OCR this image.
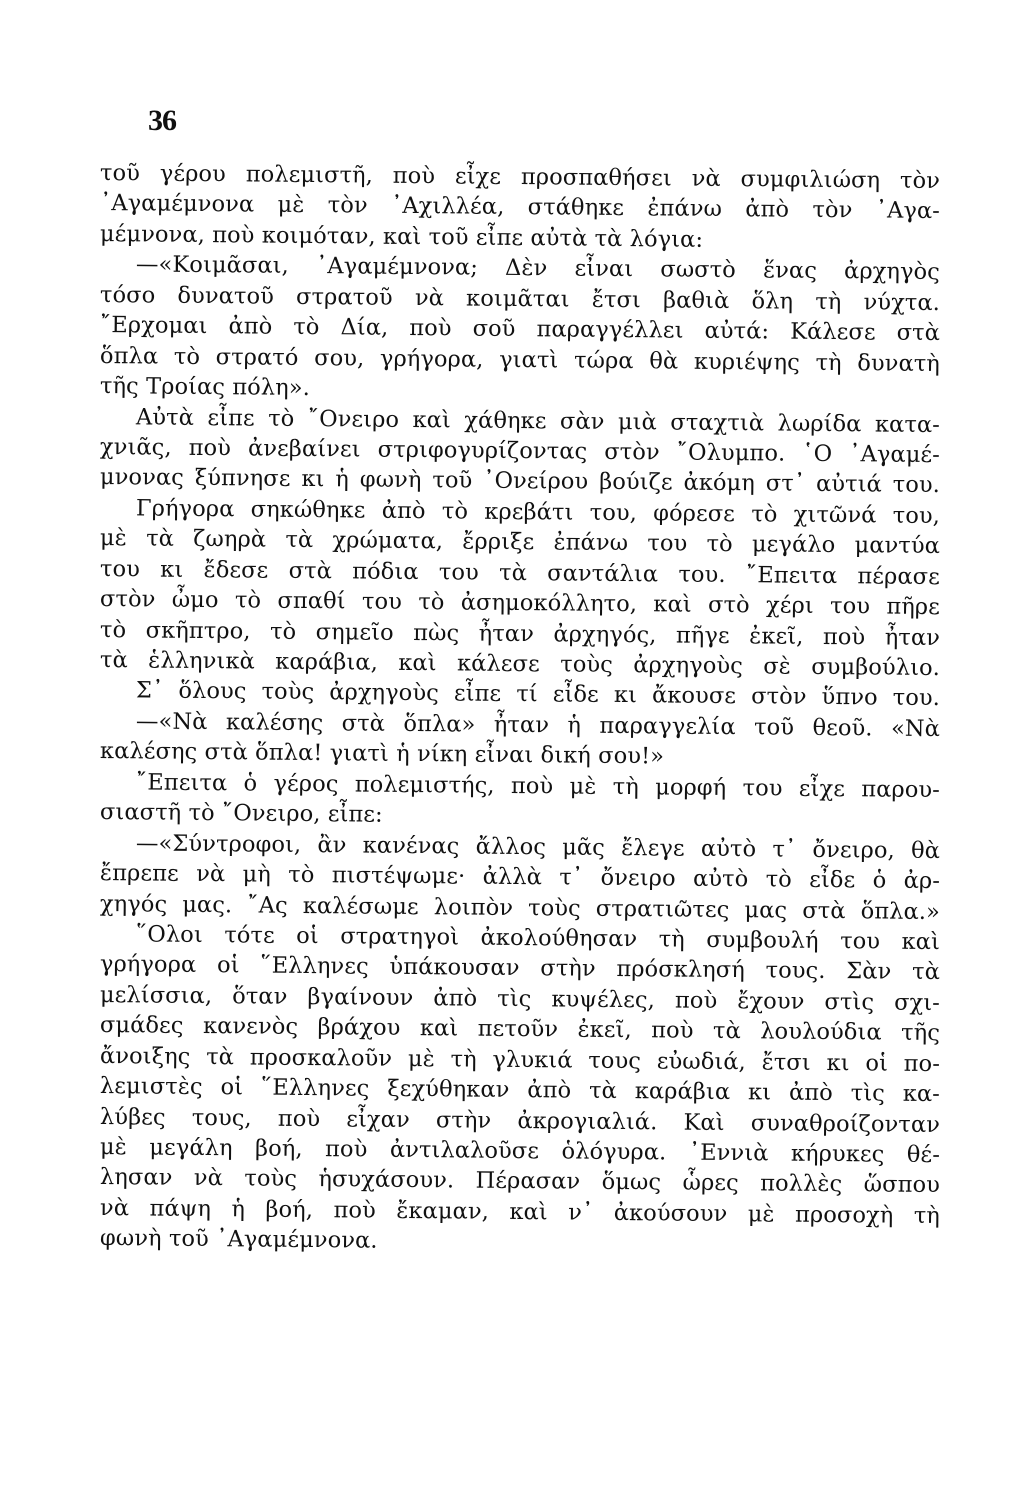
36
τοῦ γέρου πολεμιστῆ, ποὺ εἶχε προσπαθήσει νὰ συμφιλιώση τὸν
᾽Αγαμέμνονα μὲ τὸν ᾽Αχιλλέα, στάθηκε ἐπάνω ἀπὸ τὸν ᾽Αγα-
μέμνονα, ποὺ κοιμόταν, καὶ τοῦ εἶπε αὐτὰ τὰ λόγια:
—«Κοιμᾶσαι, ᾽Αγαμέμνονα; Δὲν εἶναι σωστὸ ἕνας ἀρχηγὸς
τόσο δυνατοῦ στρατοῦ νὰ κοιμᾶται ἔτσι βαθιὰ ὅλη τὴ νύχτα.
῎Ερχομαι ἀπὸ τὸ Δία, ποὺ σοῦ παραγγέλλει αὐτά: Κάλεσε στὰ
ὅπλα τὸ στρατό σου, γρήγορα, γιατὶ τώρα θὰ κυριέψης τὴ δυνατὴ
τῆς Τροίας πόλη».
Αὐτὰ εἶπε τὸ ῎Ονειρο καὶ χάθηκε σὰν μιὰ σταχτιὰ λωρίδα κατα-
χνιᾶς, ποὺ ἀνεβαίνει στριφογυρίζοντας στὸν ῎Ολυμπο. ῾Ο ᾽Αγαμέ-
μνονας ξύπνησε κι ἡ φωνὴ τοῦ ᾽Ονείρου βούιζε ἀκόμη στ᾽ αὐτιά του.
Γρήγορα σηκώθηκε ἀπὸ τὸ κρεβάτι του, φόρεσε τὸ χιτῶνά του,
μὲ τὰ ζωηρὰ τὰ χρώματα, ἔρριξε ἐπάνω του τὸ μεγάλο μαντύα
του κι ἔδεσε στὰ πόδια του τὰ σαντάλια του. ῎Επειτα πέρασε
στὸν ὦμο τὸ σπαθί του τὸ ἀσημοκόλλητο, καὶ στὸ χέρι του πῆρε
τὸ σκῆπτρο, τὸ σημεῖο πὼς ἦταν ἀρχηγός, πῆγε ἐκεῖ, ποὺ ἦταν
τὰ ἑλληνικὰ καράβια, καὶ κάλεσε τοὺς ἀρχηγοὺς σὲ συμβούλιο.
Σ᾽ ὅλους τοὺς ἀρχηγοὺς εἶπε τί εἶδε κι ἄκουσε στὸν ὕπνο του.
—«Νὰ καλέσης στὰ ὅπλα» ἦταν ἡ παραγγελία τοῦ θεοῦ. «Νὰ
καλέσης στὰ ὅπλα! γιατὶ ἡ νίκη εἶναι δική σου!»
῎Επειτα ὁ γέρος πολεμιστής, ποὺ μὲ τὴ μορφή του εἶχε παρου-
σιαστῆ τὸ ῎Ονειρο, εἶπε:
—«Σύντροφοι, ἂν κανένας ἄλλος μᾶς ἔλεγε αὐτὸ τ᾽ ὄνειρο, θὰ
ἔπρεπε νὰ μὴ τὸ πιστέψωμε· ἀλλὰ τ᾽ ὄνειρο αὐτὸ τὸ εἶδε ὁ ἀρ-
χηγός μας. ῎Ας καλέσωμε λοιπὸν τοὺς στρατιῶτες μας στὰ ὅπλα.»
῞Ολοι τότε οἱ στρατηγοὶ ἀκολούθησαν τὴ συμβουλή του καὶ
γρήγορα οἱ ῞Ελληνες ὑπάκουσαν στὴν πρόσκλησή τους. Σὰν τὰ
μελίσσια, ὅταν βγαίνουν ἀπὸ τὶς κυψέλες, ποὺ ἔχουν στὶς σχι-
σμάδες κανενὸς βράχου καὶ πετοῦν ἐκεῖ, ποὺ τὰ λουλούδια τῆς
ἄνοιξης τὰ προσκαλοῦν μὲ τὴ γλυκιά τους εὐωδιά, ἔτσι κι οἱ πο-
λεμιστὲς οἱ ῞Ελληνες ξεχύθηκαν ἀπὸ τὰ καράβια κι ἀπὸ τὶς κα-
λύβες τους, ποὺ εἶχαν στὴν ἀκρογιαλιά. Καὶ συναθροίζονταν
μὲ μεγάλη βοή, ποὺ ἀντιλαλοῦσε ὁλόγυρα. ᾽Εννιὰ κήρυκες θέ-
λησαν νὰ τοὺς ἡσυχάσουν. Πέρασαν ὅμως ὧρες πολλὲς ὥσπου
νὰ πάψη ἡ βοή, ποὺ ἔκαμαν, καὶ ν᾽ ἀκούσουν μὲ προσοχὴ τὴ
φωνὴ τοῦ ᾽Αγαμέμνονα.
